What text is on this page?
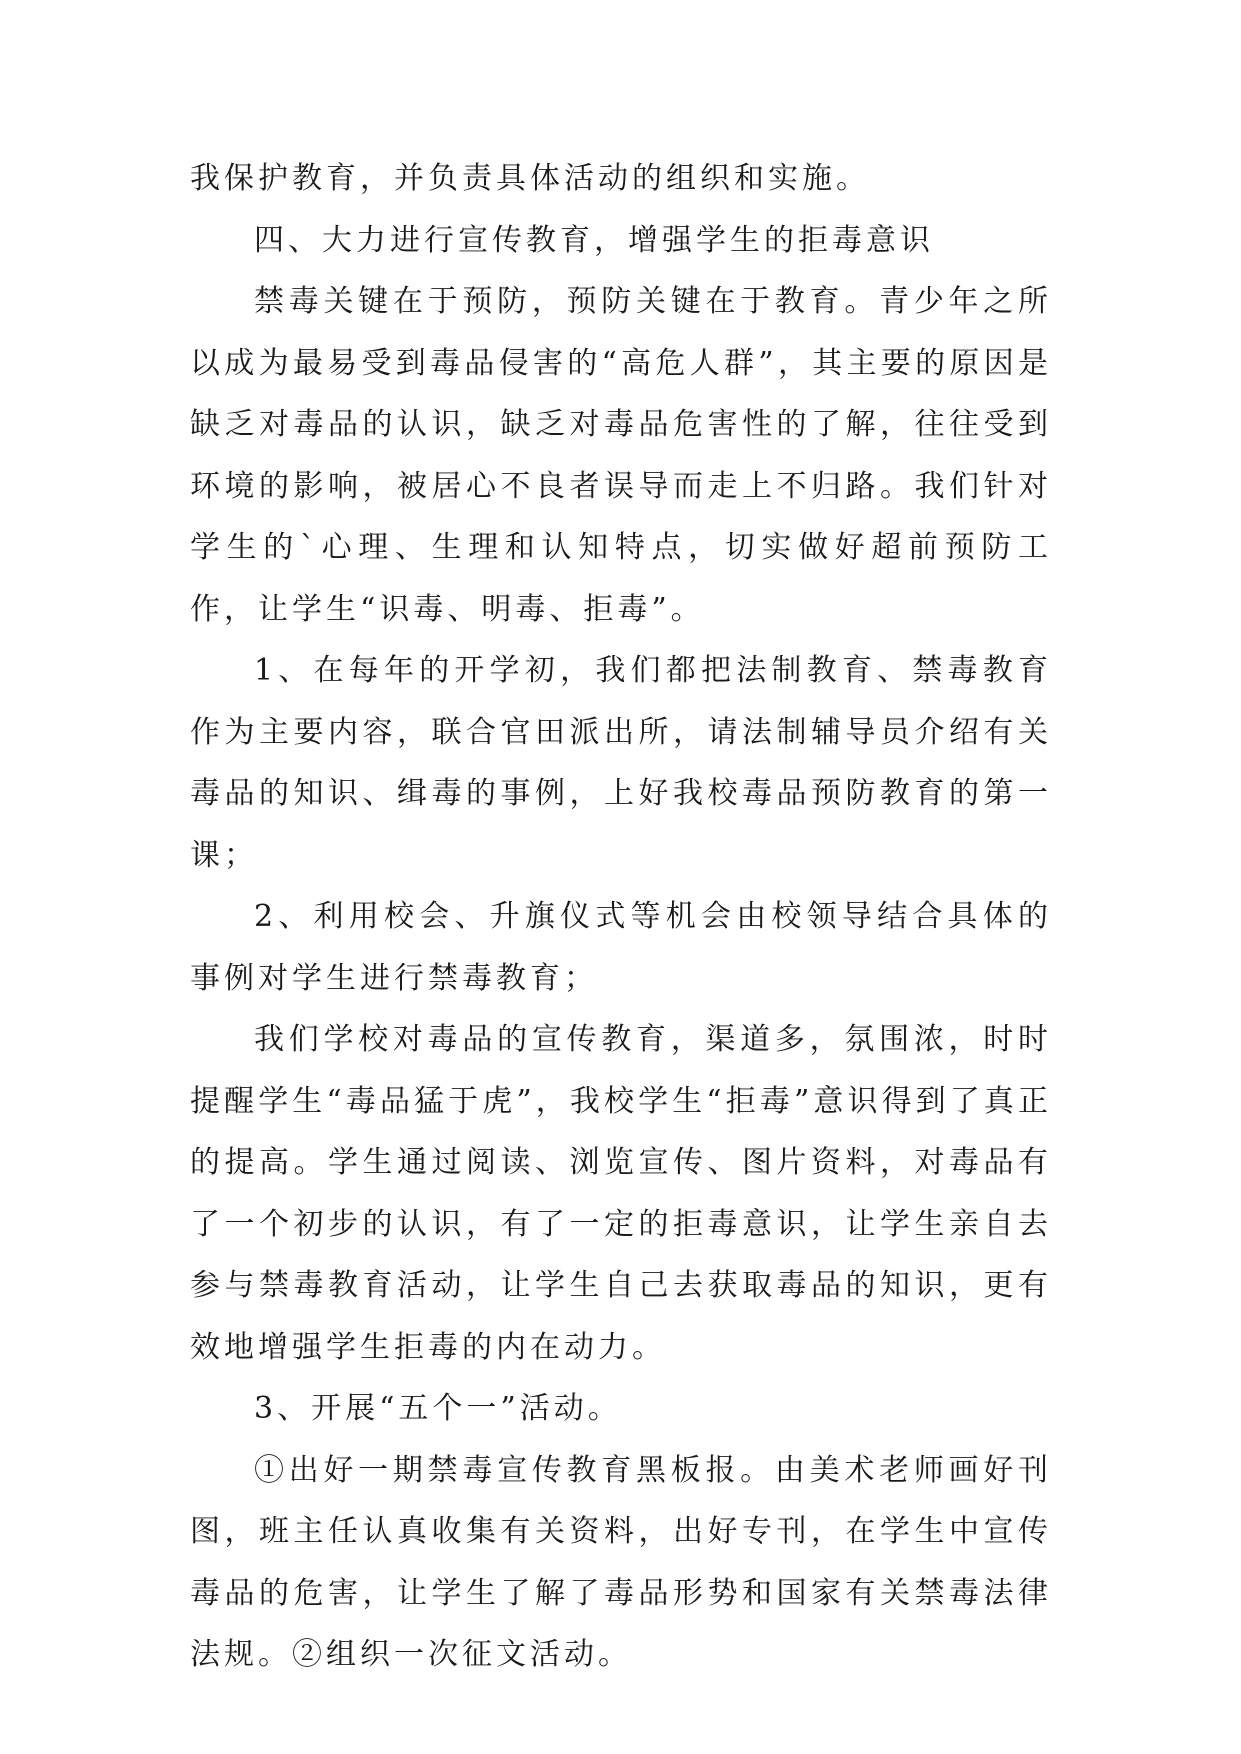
我保护教育，并负责具体活动的组织和实施。

四、大力进行宣传教育，增强学生的拒毒意识

禁毒关键在于预防，预防关键在于教育。青少年之所以成为最易受到毒品侵害的“高危人群”，其主要的原因是缺乏对毒品的认识，缺乏对毒品危害性的了解，往往受到环境的影响，被居心不良者误导而走上不归路。我们针对学生的`心理、生理和认知特点，切实做好超前预防工作，让学生“识毒、明毒、拒毒”。

1、在每年的开学初，我们都把法制教育、禁毒教育作为主要内容，联合官田派出所，请法制辅导员介绍有关毒品的知识、缉毒的事例，上好我校毒品预防教育的第一课；

2、利用校会、升旗仪式等机会由校领导结合具体的事例对学生进行禁毒教育；

我们学校对毒品的宣传教育，渠道多，氛围浓，时时提醒学生“毒品猛于虎”，我校学生“拒毒”意识得到了真正的提高。学生通过阅读、浏览宣传、图片资料，对毒品有了一个初步的认识，有了一定的拒毒意识，让学生亲自去参与禁毒教育活动，让学生自己去获取毒品的知识，更有效地增强学生拒毒的内在动力。

3、开展“五个一”活动。

①出好一期禁毒宣传教育黑板报。由美术老师画好刊图，班主任认真收集有关资料，出好专刊，在学生中宣传毒品的危害，让学生了解了毒品形势和国家有关禁毒法律法规。②组织一次征文活动。
